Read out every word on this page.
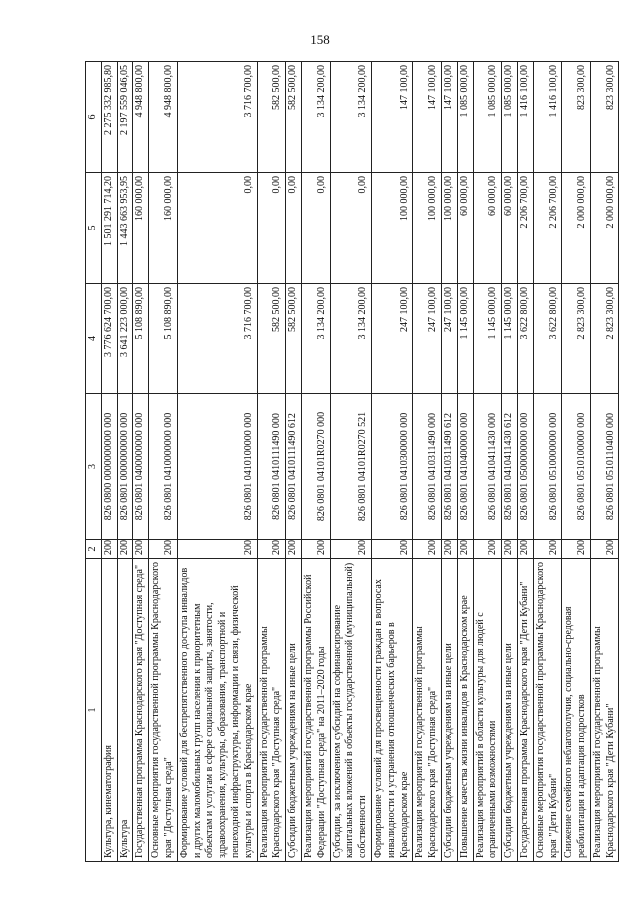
158
1	2	3	4	5	6
Культура, кинематография	200	826 0800 0000000000 000	3 776 624 700,00	1 501 291 714,20	2 275 332 985,80
Культура	200	826 0801 0000000000 000	3 641 223 000,00	1 443 663 953,95	2 197 559 046,05
Государственная программа Краснодарского края "Доступная среда"	200	826 0801 0400000000 000	5 108 890,00	160 000,00	4 948 800,00
Основные мероприятия государственной программы Краснодарского края "Доступная среда"	200	826 0801 0410000000 000	5 108 890,00	160 000,00	4 948 800,00
Формирование условий для беспрепятственного доступа инвалидов и других маломобильных групп населения к приоритетным объектам и услугам в сфере социальной защиты, занятости, здравоохранения, культуры, образования, транспортной и пешеходной инфраструктуры, информации и связи, физической культуры и спорта в Краснодарском крае	200	826 0801 0410100000 000	3 716 700,00	0,00	3 716 700,00
Реализация мероприятий государственной программы Краснодарского края "Доступная среда"	200	826 0801 0410111490 000	582 500,00	0,00	582 500,00
Субсидии бюджетным учреждениям на иные цели	200	826 0801 0410111490 612	582 500,00	0,00	582 500,00
Реализация мероприятий государственной программы Российской Федерации "Доступная среда" на 2011–2020 годы	200	826 0801 04101R0270 000	3 134 200,00	0,00	3 134 200,00
Субсидии, за исключением субсидий на софинансирование капитальных вложений в объекты государственной (муниципальной) собственности	200	826 0801 04101R0270 521	3 134 200,00	0,00	3 134 200,00
Формирование условий для просвещенности граждан в вопросах инвалидности и устранения отношенческих барьеров в Краснодарском крае	200	826 0801 0410300000 000	247 100,00	100 000,00	147 100,00
Реализация мероприятий государственной программы Краснодарского края "Доступная среда"	200	826 0801 0410311490 000	247 100,00	100 000,00	147 100,00
Субсидии бюджетным учреждениям на иные цели	200	826 0801 0410311490 612	247 100,00	100 000,00	147 100,00
Повышение качества жизни инвалидов в Краснодарском крае	200	826 0801 0410400000 000	1 145 000,00	60 000,00	1 085 000,00
Реализация мероприятий в области культуры для людей с ограниченными возможностями	200	826 0801 0410411430 000	1 145 000,00	60 000,00	1 085 000,00
Субсидии бюджетным учреждениям на иные цели	200	826 0801 0410411430 612	1 145 000,00	60 000,00	1 085 000,00
Государственная программа Краснодарского края "Дети Кубани"	200	826 0801 0500000000 000	3 622 800,00	2 206 700,00	1 416 100,00
Основные мероприятия государственной программы Краснодарского края "Дети Кубани"	200	826 0801 0510000000 000	3 622 800,00	2 206 700,00	1 416 100,00
Снижение семейного неблагополучия, социально-средовая реабилитация и адаптация подростков	200	826 0801 0510100000 000	2 823 300,00	2 000 000,00	823 300,00
Реализация мероприятий государственной программы Краснодарского края "Дети Кубани"	200	826 0801 0510110400 000	2 823 300,00	2 000 000,00	823 300,00
